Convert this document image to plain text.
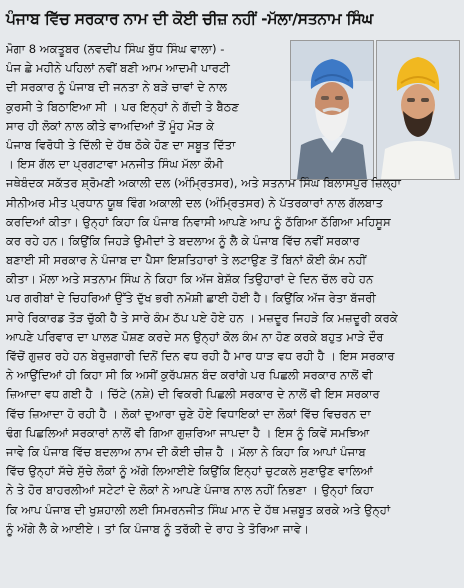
ਪੰਜਾਬ ਵਿੱਚ ਸਰਕਾਰ ਨਾਮ ਦੀ ਕੋਈ ਚੀਜ਼ ਨਹੀਂ -ਮੱਲਾ/ਸਤਨਾਮ ਸਿੰਘ
ਮੋਗਾ 8 ਅਕਤੂਬਰ (ਨਵਦੀਪ ਸਿੰਘ ਬੁੱਧ ਸਿੰਘ ਵਾਲਾ) -
ਪੰਜ ਛੇ ਮਹੀਨੇ ਪਹਿਲਾਂ ਨਵੀਂ ਬਣੀ ਆਮ ਆਦਮੀ ਪਾਰਟੀ
ਦੀ ਸਰਕਾਰ ਨੂੰ ਪੰਜਾਬ ਦੀ ਜਨਤਾ ਨੇ ਬੜੇ ਚਾਵਾਂ ਦੇ ਨਾਲ
ਕੁਰਸੀ ਤੇ ਬਿਠਾਇਆ ਸੀ । ਪਰ ਇਨ੍ਹਾਂ ਨੇ ਗੱਦੀ ਤੇ ਬੈਠਣ
ਸਾਰ ਹੀ ਲੋਕਾਂ ਨਾਲ ਕੀਤੇ ਵਾਅਦਿਆਂ ਤੋਂ ਮੂੰਹ ਮੋੜ ਕੇ
ਪੰਜਾਬ ਵਿਰੋਧੀ ਤੇ ਦਿੱਲੀ ਦੇ ਹੱਥ ਠੋਕੇ ਹੋਣ ਦਾ ਸਬੂਤ ਦਿੱਤਾ
। ਇਸ ਗੱਲ ਦਾ ਪ੍ਰਗਟਾਵਾ ਮਨਜੀਤ ਸਿੰਘ ਮੱਲਾ ਕੌਮੀ
ਜਥੇਬੰਦਕ ਸਕੱਤਰ ਸ਼੍ਰੋਮਣੀ ਅਕਾਲੀ ਦਲ (ਅੰਮ੍ਰਿਤਸਰ), ਅਤੇ ਸਤਨਾਮ ਸਿੰਘ ਬਿਲਾਸਪੁਰ ਜ਼ਿਲ੍ਹਾ
ਸੀਨੀਅਰ ਮੀਤ ਪ੍ਰਧਾਨ ਯੂਥ ਵਿੰਗ ਅਕਾਲੀ ਦਲ (ਅੰਮ੍ਰਿਤਸਰ) ਨੇ ਪੱਤਰਕਾਰਾਂ ਨਾਲ ਗੱਲਬਾਤ
ਕਰਦਿਆਂ ਕੀਤਾ। ਉਨ੍ਹਾਂ ਕਿਹਾ ਕਿ ਪੰਜਾਬ ਨਿਵਾਸੀ ਆਪਣੇ ਆਪ ਨੂੰ ਠੱਗਿਆ ਠੱਗਿਆ ਮਹਿਸੂਸ
ਕਰ ਰਹੇ ਹਨ। ਕਿਉਂਕਿ ਜਿਹੜੇ ਉਮੀਦਾਂ ਤੇ ਬਦਲਾਅ ਨੂੰ ਲੈ ਕੇ ਪੰਜਾਬ ਵਿੱਚ ਨਵੀਂ ਸਰਕਾਰ
ਬਣਾਈ ਸੀ ਸਰਕਾਰ ਨੇ ਪੰਜਾਬ ਦਾ ਪੈਸਾ ਇਸ਼ਤਿਹਾਰਾਂ ਤੇ ਲਟਾਉਣ ਤੋਂ ਬਿਨਾਂ ਕੋਈ ਕੰਮ ਨਹੀਂ
ਕੀਤਾ। ਮੱਲਾ ਅਤੇ ਸਤਨਾਮ ਸਿੰਘ ਨੇ ਕਿਹਾ ਕਿ ਅੱਜ ਬੇਸ਼ੱਕ ਤਿਉਹਾਰਾਂ ਦੇ ਦਿਨ ਚੱਲ ਰਹੇ ਹਨ
ਪਰ ਗਰੀਬਾਂ ਦੇ ਚਿਹਰਿਆਂ ਉੱਤੇ ਦੁੱਖ ਭਰੀ ਨਮੋਸ਼ੀ ਛਾਈ ਹੋਈ ਹੈ। ਕਿਉਂਕਿ ਅੱਜ ਰੇਤਾ ਬੱਜਰੀ
ਸਾਰੇ ਰਿਕਾਰਡ ਤੋੜ ਚੁੱਕੀ ਹੈ ਤੇ ਸਾਰੇ ਕੰਮ ਠੱਪ ਪਏ ਹੋਏ ਹਨ । ਮਜ਼ਦੂਰ ਜਿਹੜੇ ਕਿ ਮਜ਼ਦੂਰੀ ਕਰਕੇ
ਆਪਣੇ ਪਰਿਵਾਰ ਦਾ ਪਾਲਣ ਪੋਸ਼ਣ ਕਰਦੇ ਸਨ ਉਨ੍ਹਾਂ ਕੋਲ ਕੰਮ ਨਾ ਹੋਣ ਕਰਕੇ ਬਹੁਤ ਮਾੜੇ ਦੌਰ
ਵਿੱਚੋਂ ਗੁਜ਼ਰ ਰਹੇ ਹਨ ਬੇਰੁਜ਼ਗਾਰੀ ਦਿਨੋਂ ਦਿਨ ਵਧ ਰਹੀ ਹੈ ਮਾਰ ਧਾੜ ਵਧ ਰਹੀ ਹੈ । ਇਸ ਸਰਕਾਰ
ਨੇ ਆਉਂਦਿਆਂ ਹੀ ਕਿਹਾ ਸੀ ਕਿ ਅਸੀਂ ਕੁਰੱਪਸ਼ਨ ਬੰਦ ਕਰਾਂਗੇ ਪਰ ਪਿਛਲੀ ਸਰਕਾਰ ਨਾਲੋਂ ਵੀ
ਜ਼ਿਆਦਾ ਵਧ ਗਈ ਹੈ । ਚਿੱਟੇ (ਨਸ਼ੇ) ਦੀ ਵਿਕਰੀ ਪਿਛਲੀ ਸਰਕਾਰ ਦੇ ਨਾਲੋਂ ਵੀ ਇਸ ਸਰਕਾਰ
ਵਿੱਚ ਜ਼ਿਆਦਾ ਹੋ ਰਹੀ ਹੈ । ਲੋਕਾਂ ਦੁਆਰਾ ਚੁਣੇ ਹੋਏ ਵਿਧਾਇਕਾਂ ਦਾ ਲੋਕਾਂ ਵਿੱਚ ਵਿਚਰਨ ਦਾ
ਢੰਗ ਪਿਛਲਿਆਂ ਸਰਕਾਰਾਂ ਨਾਲੋਂ ਵੀ ਗਿਆ ਗੁਜ਼ਰਿਆ ਜਾਪਦਾ ਹੈ । ਇਸ ਨੂੰ ਕਿਵੇਂ ਸਮਝਿਆ
ਜਾਵੇ ਕਿ ਪੰਜਾਬ ਵਿੱਚ ਬਦਲਾਅ ਨਾਮ ਦੀ ਕੋਈ ਚੀਜ਼ ਹੈ । ਮੱਲਾ ਨੇ ਕਿਹਾ ਕਿ ਆਪਾਂ ਪੰਜਾਬ
ਵਿੱਚ ਉਨ੍ਹਾਂ ਸੱਚੇ ਸੁੱਚੇ ਲੋਕਾਂ ਨੂੰ ਅੱਗੇ ਲਿਆਈਏ ਕਿਉਂਕਿ ਇਨ੍ਹਾਂ ਚੁਟਕਲੇ ਸੁਣਾਉਣ ਵਾਲਿਆਂ
ਨੇ ਤੇ ਹੋਰ ਬਾਹਰਲੀਆਂ ਸਟੇਟਾਂ ਦੇ ਲੋਕਾਂ ਨੇ ਆਪਣੇ ਪੰਜਾਬ ਨਾਲ ਨਹੀਂ ਨਿਭਣਾ । ਉਨ੍ਹਾਂ ਕਿਹਾ
ਕਿ ਆਪ ਪੰਜਾਬ ਦੀ ਖੁਸ਼ਹਾਲੀ ਲਈ ਸਿਮਰਨਜੀਤ ਸਿੰਘ ਮਾਨ ਦੇ ਹੱਥ ਮਜ਼ਬੂਤ ਕਰਕੇ ਅਤੇ ਉਨ੍ਹਾਂ
ਨੂੰ ਅੱਗੇ ਲੈ ਕੇ ਆਈਏ। ਤਾਂ ਕਿ ਪੰਜਾਬ ਨੂੰ ਤਰੱਕੀ ਦੇ ਰਾਹ ਤੇ ਤੋਰਿਆ ਜਾਵੇ।
